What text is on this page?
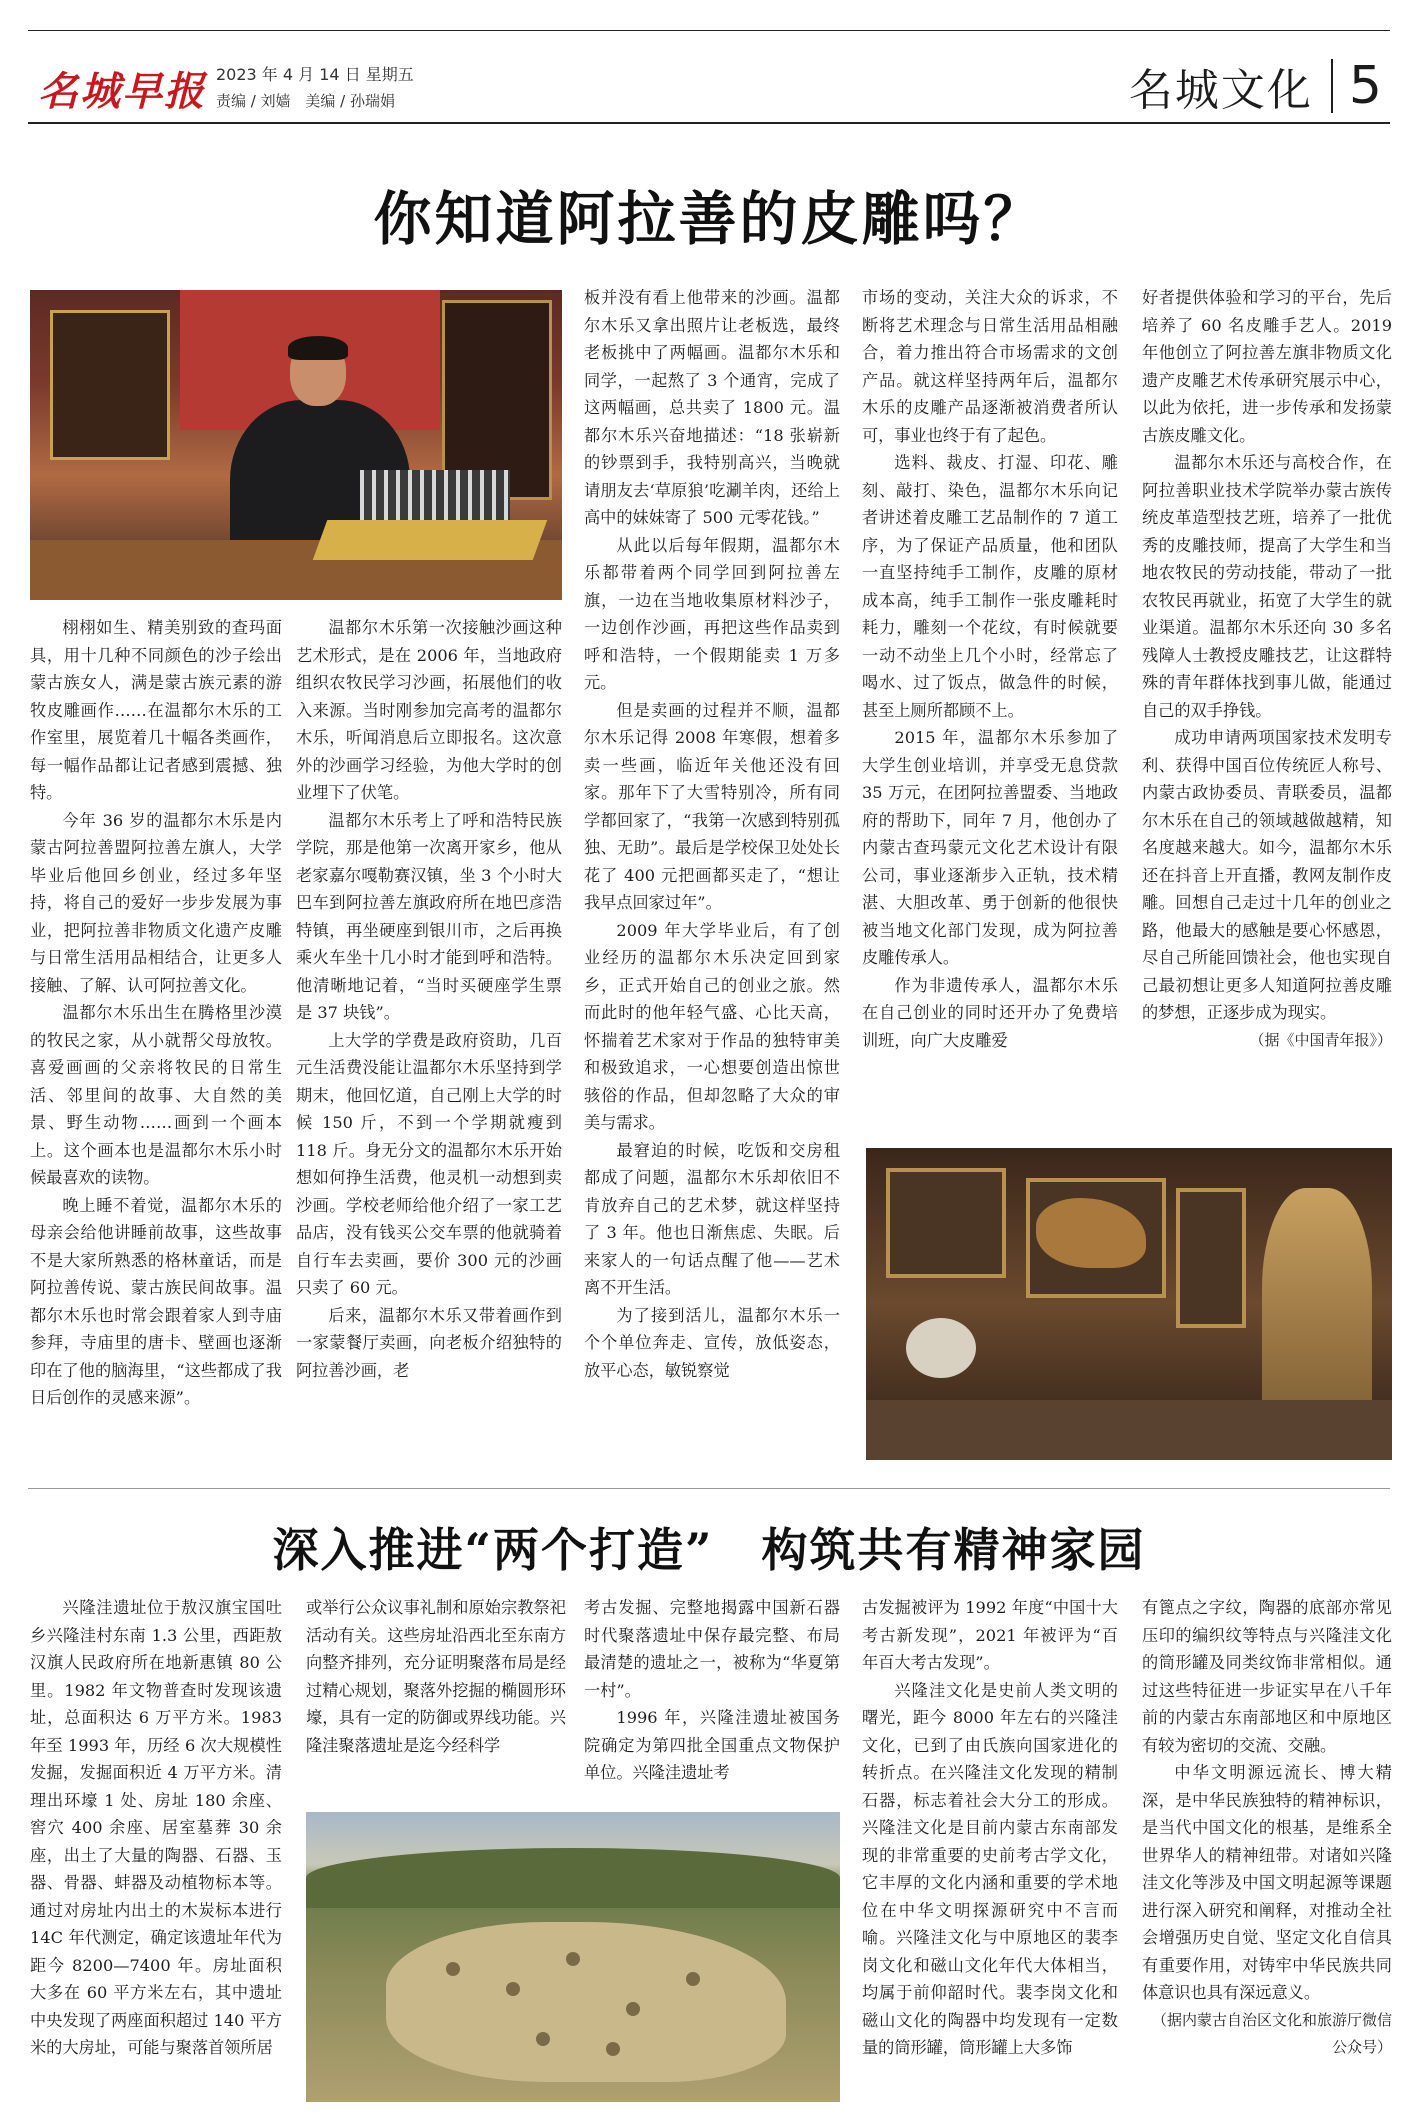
名城早报 2023 年 4 月 14 日 星期五
责编 / 刘嫱 美编 / 孙瑞娟	名城文化 5
你知道阿拉善的皮雕吗？

栩栩如生、精美别致的查玛面具，用十几种不同颜色的沙子绘出蒙古族女人，满是蒙古族元素的游牧皮雕画作……在温都尔木乐的工作室里，展览着几十幅各类画作，每一幅作品都让记者感到震撼、独特。

今年 36 岁的温都尔木乐是内蒙古阿拉善盟阿拉善左旗人，大学毕业后他回乡创业，经过多年坚持，将自己的爱好一步步发展为事业，把阿拉善非物质文化遗产皮雕与日常生活用品相结合，让更多人接触、了解、认可阿拉善文化。

温都尔木乐出生在腾格里沙漠的牧民之家，从小就帮父母放牧。喜爱画画的父亲将牧民的日常生活、邻里间的故事、大自然的美景、野生动物……画到一个画本上。这个画本也是温都尔木乐小时候最喜欢的读物。

晚上睡不着觉，温都尔木乐的母亲会给他讲睡前故事，这些故事不是大家所熟悉的格林童话，而是阿拉善传说、蒙古族民间故事。温都尔木乐也时常会跟着家人到寺庙参拜，寺庙里的唐卡、壁画也逐渐印在了他的脑海里，“这些都成了我日后创作的灵感来源”。

温都尔木乐第一次接触沙画这种艺术形式，是在 2006 年，当地政府组织农牧民学习沙画，拓展他们的收入来源。当时刚参加完高考的温都尔木乐，听闻消息后立即报名。这次意外的沙画学习经验，为他大学时的创业埋下了伏笔。

温都尔木乐考上了呼和浩特民族学院，那是他第一次离开家乡，他从老家嘉尔嘎勒赛汉镇，坐 3 个小时大巴车到阿拉善左旗政府所在地巴彦浩特镇，再坐硬座到银川市，之后再换乘火车坐十几小时才能到呼和浩特。他清晰地记着，“当时买硬座学生票是 37 块钱”。

上大学的学费是政府资助，几百元生活费没能让温都尔木乐坚持到学期末，他回忆道，自己刚上大学的时候 150 斤，不到一个学期就瘦到 118 斤。身无分文的温都尔木乐开始想如何挣生活费，他灵机一动想到卖沙画。学校老师给他介绍了一家工艺品店，没有钱买公交车票的他就骑着自行车去卖画，要价 300 元的沙画只卖了 60 元。

后来，温都尔木乐又带着画作到一家蒙餐厅卖画，向老板介绍独特的阿拉善沙画，老

板并没有看上他带来的沙画。温都尔木乐又拿出照片让老板选，最终老板挑中了两幅画。温都尔木乐和同学，一起熬了 3 个通宵，完成了这两幅画，总共卖了 1800 元。温都尔木乐兴奋地描述：“18 张崭新的钞票到手，我特别高兴，当晚就请朋友去‘草原狼’吃涮羊肉，还给上高中的妹妹寄了 500 元零花钱。”

从此以后每年假期，温都尔木乐都带着两个同学回到阿拉善左旗，一边在当地收集原材料沙子，一边创作沙画，再把这些作品卖到呼和浩特，一个假期能卖 1 万多元。

但是卖画的过程并不顺，温都尔木乐记得 2008 年寒假，想着多卖一些画，临近年关他还没有回家。那年下了大雪特别冷，所有同学都回家了，“我第一次感到特别孤独、无助”。最后是学校保卫处处长花了 400 元把画都买走了，“想让我早点回家过年”。

2009 年大学毕业后，有了创业经历的温都尔木乐决定回到家乡，正式开始自己的创业之旅。然而此时的他年轻气盛、心比天高，怀揣着艺术家对于作品的独特审美和极致追求，一心想要创造出惊世骇俗的作品，但却忽略了大众的审美与需求。

最窘迫的时候，吃饭和交房租都成了问题，温都尔木乐却依旧不肯放弃自己的艺术梦，就这样坚持了 3 年。他也日渐焦虑、失眠。后来家人的一句话点醒了他——艺术离不开生活。

为了接到活儿，温都尔木乐一个个单位奔走、宣传，放低姿态，放平心态，敏锐察觉

市场的变动，关注大众的诉求，不断将艺术理念与日常生活用品相融合，着力推出符合市场需求的文创产品。就这样坚持两年后，温都尔木乐的皮雕产品逐渐被消费者所认可，事业也终于有了起色。

选料、裁皮、打湿、印花、雕刻、敲打、染色，温都尔木乐向记者讲述着皮雕工艺品制作的 7 道工序，为了保证产品质量，他和团队一直坚持纯手工制作，皮雕的原材成本高，纯手工制作一张皮雕耗时耗力，雕刻一个花纹，有时候就要一动不动坐上几个小时，经常忘了喝水、过了饭点，做急件的时候，甚至上厕所都顾不上。

2015 年，温都尔木乐参加了大学生创业培训，并享受无息贷款 35 万元，在团阿拉善盟委、当地政府的帮助下，同年 7 月，他创办了内蒙古查玛蒙元文化艺术设计有限公司，事业逐渐步入正轨，技术精湛、大胆改革、勇于创新的他很快被当地文化部门发现，成为阿拉善皮雕传承人。

作为非遗传承人，温都尔木乐在自己创业的同时还开办了免费培训班，向广大皮雕爱

好者提供体验和学习的平台，先后培养了 60 名皮雕手艺人。2019 年他创立了阿拉善左旗非物质文化遗产皮雕艺术传承研究展示中心，以此为依托，进一步传承和发扬蒙古族皮雕文化。

温都尔木乐还与高校合作，在阿拉善职业技术学院举办蒙古族传统皮革造型技艺班，培养了一批优秀的皮雕技师，提高了大学生和当地农牧民的劳动技能，带动了一批农牧民再就业，拓宽了大学生的就业渠道。温都尔木乐还向 30 多名残障人士教授皮雕技艺，让这群特殊的青年群体找到事儿做，能通过自己的双手挣钱。

成功申请两项国家技术发明专利、获得中国百位传统匠人称号、内蒙古政协委员、青联委员，温都尔木乐在自己的领域越做越精，知名度越来越大。如今，温都尔木乐还在抖音上开直播，教网友制作皮雕。回想自己走过十几年的创业之路，他最大的感触是要心怀感恩，尽自己所能回馈社会，他也实现自己最初想让更多人知道阿拉善皮雕的梦想，正逐步成为现实。

（据《中国青年报》）

深入推进“两个打造”　构筑共有精神家园

兴隆洼遗址位于敖汉旗宝国吐乡兴隆洼村东南 1.3 公里，西距敖汉旗人民政府所在地新惠镇 80 公里。1982 年文物普查时发现该遗址，总面积达 6 万平方米。1983 年至 1993 年，历经 6 次大规模性发掘，发掘面积近 4 万平方米。清理出环壕 1 处、房址 180 余座、窖穴 400 余座、居室墓葬 30 余座，出土了大量的陶器、石器、玉器、骨器、蚌器及动植物标本等。通过对房址内出土的木炭标本进行 14C 年代测定，确定该遗址年代为距今 8200—7400 年。房址面积大多在 60 平方米左右，其中遗址中央发现了两座面积超过 140 平方米的大房址，可能与聚落首领所居

或举行公众议事礼制和原始宗教祭祀活动有关。这些房址沿西北至东南方向整齐排列，充分证明聚落布局是经过精心规划，聚落外挖掘的椭圆形环壕，具有一定的防御或界线功能。兴隆洼聚落遗址是迄今经科学

考古发掘、完整地揭露中国新石器时代聚落遗址中保存最完整、布局最清楚的遗址之一，被称为“华夏第一村”。

1996 年，兴隆洼遗址被国务院确定为第四批全国重点文物保护单位。兴隆洼遗址考

古发掘被评为 1992 年度“中国十大考古新发现”，2021 年被评为“百年百大考古发现”。

兴隆洼文化是史前人类文明的曙光，距今 8000 年左右的兴隆洼文化，已到了由氏族向国家进化的转折点。在兴隆洼文化发现的精制石器，标志着社会大分工的形成。兴隆洼文化是目前内蒙古东南部发现的非常重要的史前考古学文化，它丰厚的文化内涵和重要的学术地位在中华文明探源研究中不言而喻。兴隆洼文化与中原地区的裴李岗文化和磁山文化年代大体相当，均属于前仰韶时代。裴李岗文化和磁山文化的陶器中均发现有一定数量的筒形罐，筒形罐上大多饰

有篦点之字纹，陶器的底部亦常见压印的编织纹等特点与兴隆洼文化的筒形罐及同类纹饰非常相似。通过这些特征进一步证实早在八千年前的内蒙古东南部地区和中原地区有较为密切的交流、交融。

中华文明源远流长、博大精深，是中华民族独特的精神标识，是当代中国文化的根基，是维系全世界华人的精神纽带。对诸如兴隆洼文化等涉及中国文明起源等课题进行深入研究和阐释，对推动全社会增强历史自觉、坚定文化自信具有重要作用，对铸牢中华民族共同体意识也具有深远意义。

（据内蒙古自治区文化和旅游厅微信公众号）
